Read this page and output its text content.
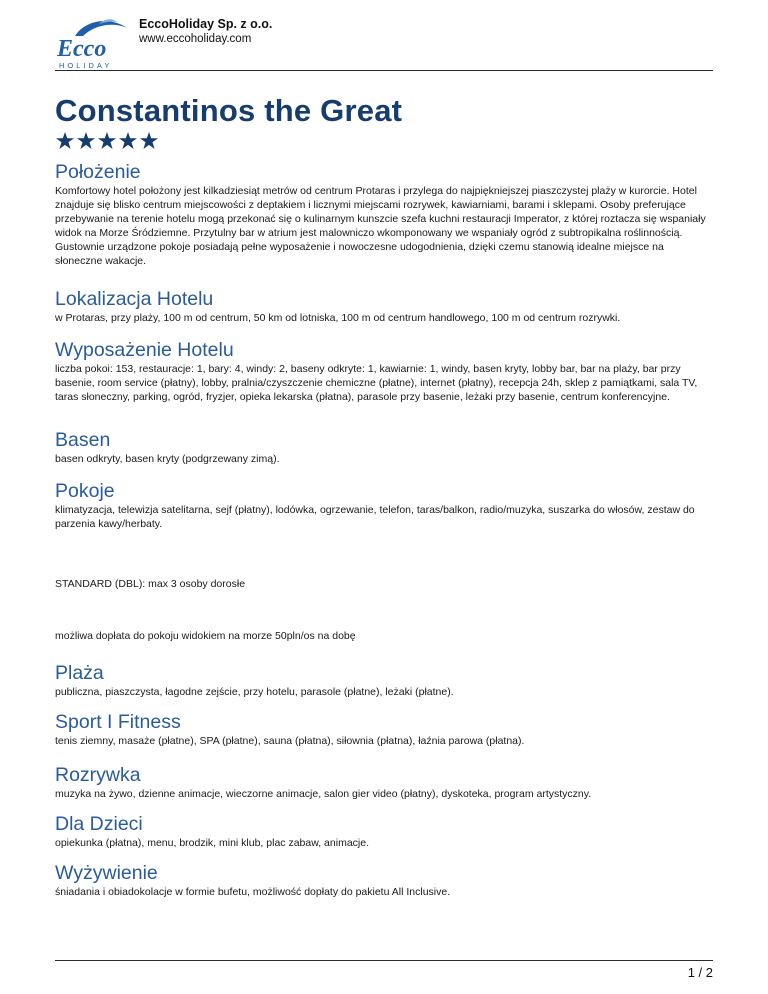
Ecco
HOLIDAY
EccoHoliday Sp. z o.o.
www.eccoholiday.com
Constantinos the Great
Położenie

Komfortowy hotel położony jest kilkadziesiąt metrów od centrum Protaras i przylega do najpiękniejszej piaszczystej plaży w kurorcie. Hotel znajduje się blisko centrum miejscowości z deptakiem i licznymi miejscami rozrywek, kawiarniami, barami i sklepami. Osoby preferujące przebywanie na terenie hotelu mogą przekonać się o kulinarnym kunszcie szefa kuchni restauracji Imperator, z której roztacza się wspaniały widok na Morze Śródziemne. Przytulny bar w atrium jest malowniczo wkomponowany we wspaniały ogród z subtropikalna roślinnością. Gustownie urządzone pokoje posiadają pełne wyposażenie i nowoczesne udogodnienia, dzięki czemu stanowią idealne miejsce na słoneczne wakacje.

Lokalizacja Hotelu

w Protaras, przy plaży, 100 m od centrum, 50 km od lotniska, 100 m od centrum handlowego, 100 m od centrum rozrywki.

Wyposażenie Hotelu

liczba pokoi: 153, restauracje: 1, bary: 4, windy: 2, baseny odkryte: 1, kawiarnie: 1, windy, basen kryty, lobby bar, bar na plaży, bar przy basenie, room service (płatny), lobby, pralnia/czyszczenie chemiczne (płatne), internet (płatny), recepcja 24h, sklep z pamiątkami, sala TV, taras słoneczny, parking, ogród, fryzjer, opieka lekarska (płatna), parasole przy basenie, leżaki przy basenie, centrum konferencyjne.

Basen

basen odkryty, basen kryty (podgrzewany zimą).

Pokoje

klimatyzacja, telewizja satelitarna, sejf (płatny), lodówka, ogrzewanie, telefon, taras/balkon, radio/muzyka, suszarka do włosów, zestaw do parzenia kawy/herbaty.

STANDARD (DBL): max 3 osoby dorosłe

możliwa dopłata do pokoju widokiem na morze 50pln/os na dobę

Plaża

publiczna, piaszczysta, łagodne zejście, przy hotelu, parasole (płatne), leżaki (płatne).

Sport I Fitness

tenis ziemny, masaże (płatne), SPA (płatne), sauna (płatna), siłownia (płatna), łaźnia parowa (płatna).

Rozrywka

muzyka na żywo, dzienne animacje, wieczorne animacje, salon gier video (płatny), dyskoteka, program artystyczny.

Dla Dzieci

opiekunka (płatna), menu, brodzik, mini klub, plac zabaw, animacje.

Wyżywienie

śniadania i obiadokolacje w formie bufetu, możliwość dopłaty do pakietu All Inclusive.

1 / 2
